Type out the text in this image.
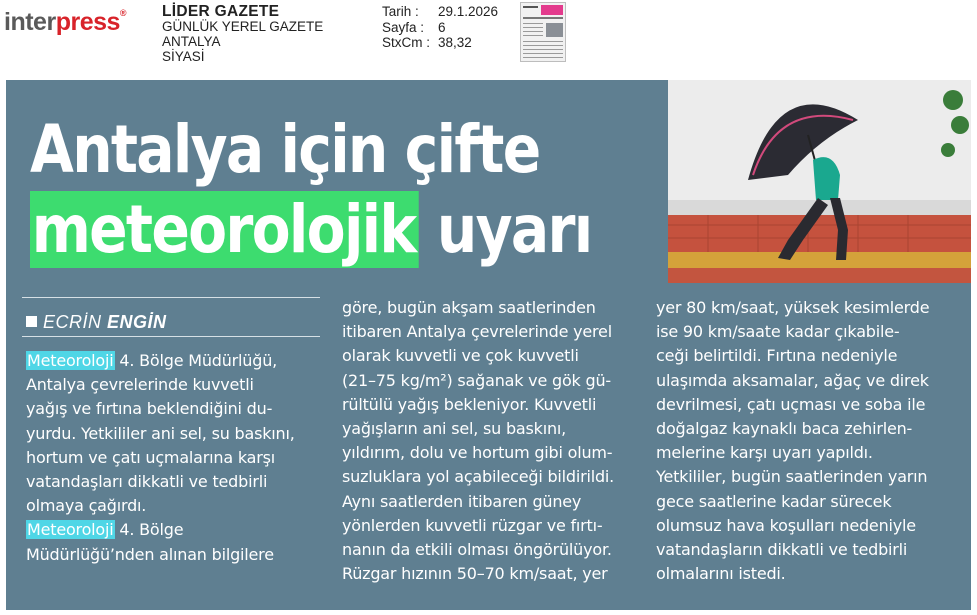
interpress® LİDER GAZETE
GÜNLÜK YEREL GAZETE
ANTALYA
SİYASİ
Tarih :	29.1.2026
Sayfa :	6
StxCm : 38,32
Antalya için çifte
meteorolojik uyarı
ECRİN ENGİN
Meteoroloji 4. Bölge Müdürlüğü,
Antalya çevrelerinde kuvvetli
yağış ve fırtına beklendiğini du-
yurdu. Yetkililer ani sel, su baskını,
hortum ve çatı uçmalarına karşı
vatandaşları dikkatli ve tedbirli
olmaya çağırdı.
Meteoroloji 4. Bölge
Müdürlüğü’nden alınan bilgilere
göre, bugün akşam saatlerinden
itibaren Antalya çevrelerinde yerel
olarak kuvvetli ve çok kuvvetli
(21–75 kg/m²) sağanak ve gök gü-
rültülü yağış bekleniyor. Kuvvetli
yağışların ani sel, su baskını,
yıldırım, dolu ve hortum gibi olum-
suzluklara yol açabileceği bildirildi.
Aynı saatlerden itibaren güney
yönlerden kuvvetli rüzgar ve fırtı-
nanın da etkili olması öngörülüyor.
Rüzgar hızının 50–70 km/saat, yer
yer 80 km/saat, yüksek kesimlerde
ise 90 km/saate kadar çıkabile-
ceği belirtildi. Fırtına nedeniyle
ulaşımda aksamalar, ağaç ve direk
devrilmesi, çatı uçması ve soba ile
doğalgaz kaynaklı baca zehirlen-
melerine karşı uyarı yapıldı.
Yetkililer, bugün saatlerinden yarın
gece saatlerine kadar sürecek
olumsuz hava koşulları nedeniyle
vatandaşların dikkatli ve tedbirli
olmalarını istedi.
